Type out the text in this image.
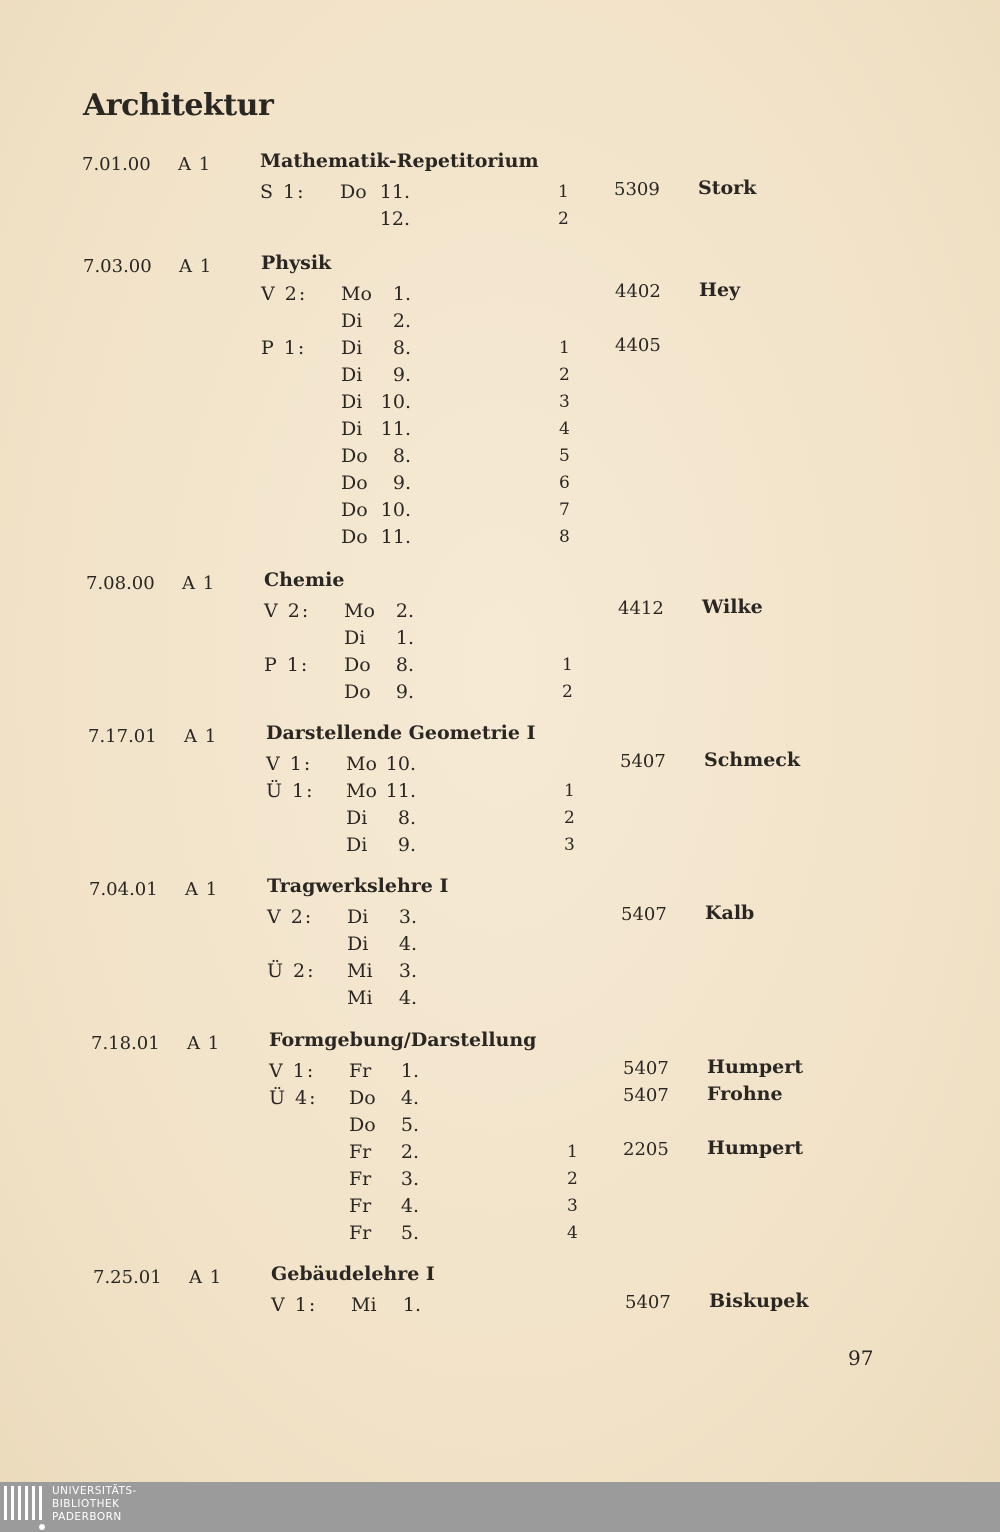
Architektur
7.01.00 A 1	Mathematik-Repetitorium
S 1: Do 11.	1	5309 Stork
12.	2
7.03.00 A 1	Physik
V 2: Mo	1.	4402 Hey
Di	2.
P 1: Di	8.	1	4405
Di	9.	2
Di 10.	3
Di 11.	4
Do	8.	5
Do	9.	6
Do 10.	7
Do 11.	8
7.08.00 A 1	Chemie
V 2: Mo	2.	4412 Wilke
Di	1.
P 1: Do	8.	1
Do	9.	2
7.17.01 A 1	Darstellende Geometrie I
V 1: Mo 10.	5407 Schmeck
Ü 1: Mo 11.	1
Di	8.	2
Di	9.	3
7.04.01 A 1	Tragwerkslehre I
V 2: Di	3.	5407 Kalb
Di	4.
Ü 2: Mi	3.
Mi	4.
7.18.01 A 1	Formgebung/Darstellung
V 1: Fr	1.	5407 Humpert
Ü 4: Do	4.	5407 Frohne
Do	5.
Fr	2.	1	2205 Humpert
Fr	3.	2
Fr	4.	3
Fr	5.	4
7.25.01 A 1	Gebäudelehre I
V 1: Mi	1.	5407 Biskupek
97
UNIVERSITÄTS-
BIBLIOTHEK
PADERBORN
